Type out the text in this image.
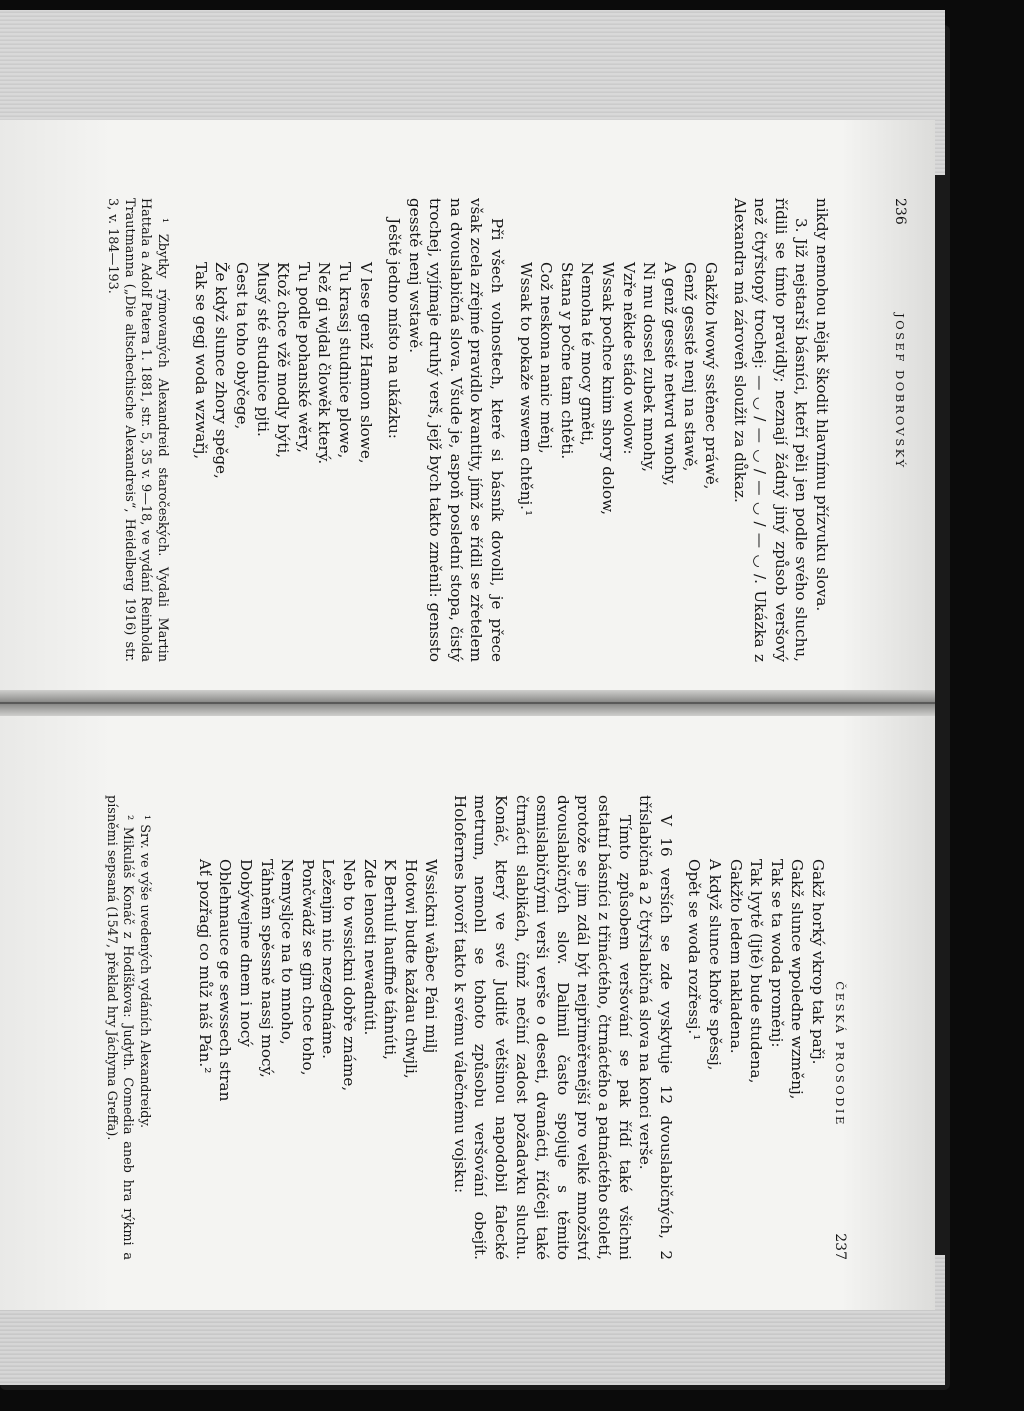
236
JOSEF DOBROVSKÝ

nikdy nemohou nějak škodit hlavnímu přízvuku slova.

3. Již nejstarší básníci, kteří pěli jen podle svého sluchu, řídili se tímto pravidly; neznají žádný jiný způsob veršový než čtyřstopý trochej: — ◡ / — ◡ / — ◡ / — ◡ /. Ukázka z Alexandra má zároveň sloužit za důkaz.

Gakžto lwowý sstěnec práwě,
Genž gesstě nenj na stawě,
A genž gesstě netwrd wnohy,
Ni mu dossel zubek mnohy,
Vzře někde stádo wolow:
Wssak pochce knim shory dolow,
Nemoha té mocy gměti,
Stana y počne tam chtěti.
Což neskona nanic měnj,
Wssak to pokaže wswem chtěnj.¹

Při všech volnostech, které si básník dovolil, je přece však zcela zřejmé pravidlo kvantity, jímž se řídil se zřetelem na dvouslabičná slova. Všude je, aspoň poslední stopa, čistý trochej, vyjímaje druhý verš, jejž bych takto změnil: genssto gesstě nenj wstawě.

Ještě jedno místo na ukázku:

V lese genž Hamon slowe,
Tu krassj studnice plowe,
Než gi wjdal člowěk který.
Tu podle pohanské wěry,
Ktož chce vžě modly býti,
Musý sté studnice pjti.
Gest ta toho obyčege,
Že když slunce zhory spěge,
Tak se gegj woda wzwařj,

¹ Zbytky rýmovaných Alexandreid staročeských. Vydali Martin Hattala a Adolf Patera 1. 1881, str. 5, 35 v. 9—18, ve vydání Reinholda Trautmanna („Die altschechische Alexandreis“, Heidelberg 1916) str. 3, v. 184—193.

ČESKÁ PROSODIE
237
Gakž horký vkrop tak pařj.
Gakž slunce wpoledne wzměnj,
Tak se ta woda proměnj:
Tak lyytě (ljtě) bude studena,
Gakžto ledem nakladena.
A když slunce khoře spěssj,
Opět se woda rozřessj.¹

V 16 verších se zde vyskytuje 12 dvouslabičných, 2 tříslabičná a 2 čtyřslabičná slova na konci verše.

Tímto způsobem veršování se pak řídí také všichni ostatní básníci z třináctého, čtrnáctého a patnáctého století, protože se jim zdál být nejpřiměřenější pro velké množství dvouslabičných slov. Dalimil často spojuje s těmito osmislabičnými verši verše o deseti, dvanácti, řídčeji také čtrnácti slabikách, čímž nečiní zadost požadavku sluchu. Konáč, který ve své Juditě většinou napodobil falecké metrum, nemohl se tohoto způsobu veršování obejít. Holofernes hovoří takto k svému válečnému vojsku:

Wssickni wâbec Páni milj
Hotowi budte každau chwjli,
K Berhulí hauffně táhnúti,
Zde lenosti newadnúti.
Neb to wssickni dobře známe,
Leženjm nic nezgednáme.
Pončwádž se gjm chce toho,
Nemysljce na to mnoho,
Táhněm spěssně nassj mocý,
Dobýwejme dnem i nocý
Oblehmauce ge sewssech stran
Ať pozřagj co můž náš Pán.²

¹ Srv. ve výše uvedených vydáních Alexandreidy.

² Mikuláš Konáč z Hodíškova: Judyth. Comedia aneb hra rýkmi a písněmi sepsaná (1547, překlad hry Jáchyma Greffa).
